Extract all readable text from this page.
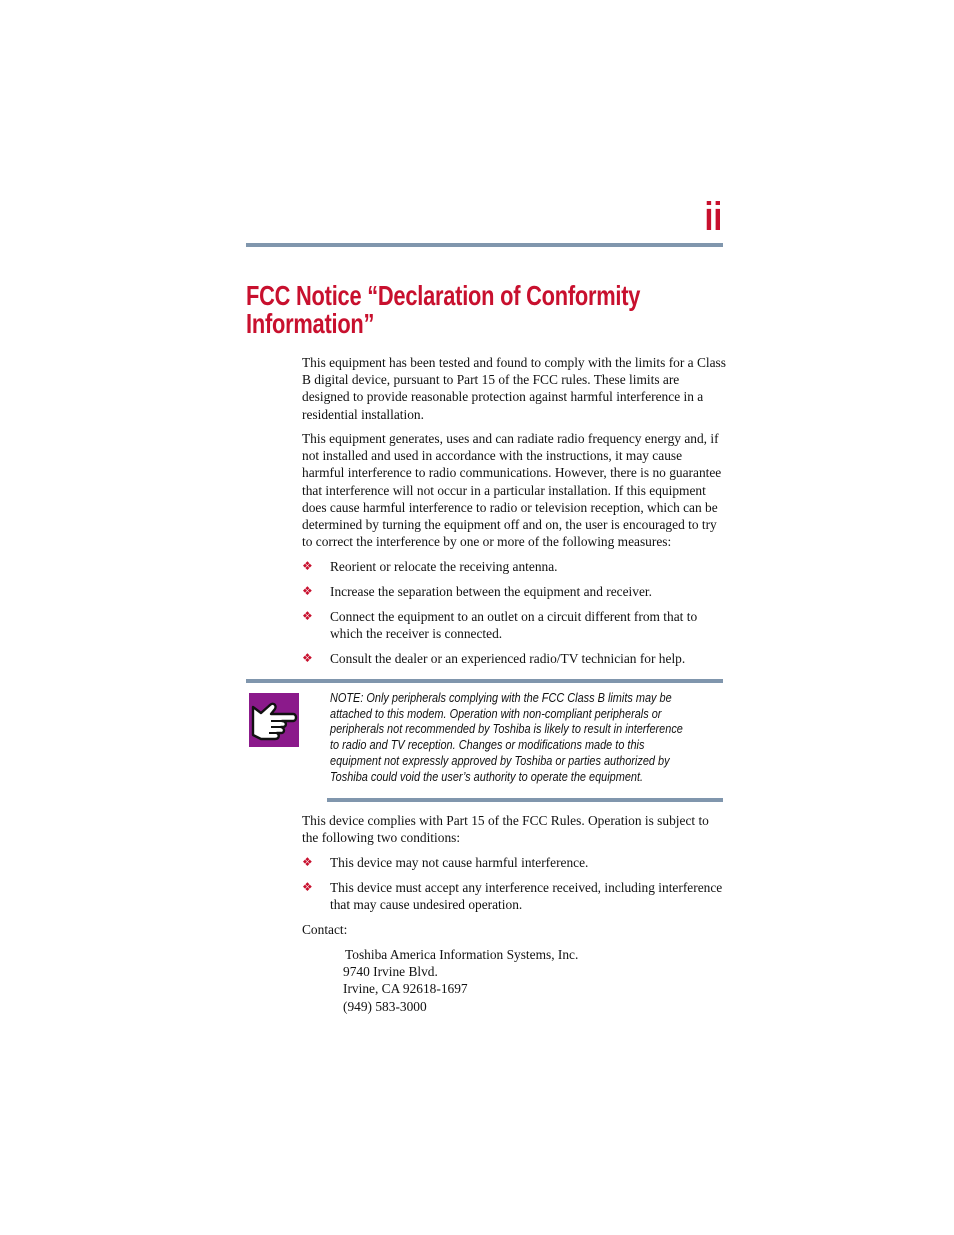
ii
FCC Notice “Declaration of Conformity Information”

This equipment has been tested and found to comply with the limits for a Class B digital device, pursuant to Part 15 of the FCC rules. These limits are designed to provide reasonable protection against harmful interference in a residential installation.

This equipment generates, uses and can radiate radio frequency energy and, if not installed and used in accordance with the instructions, it may cause harmful interference to radio communications. However, there is no guarantee that interference will not occur in a particular installation. If this equipment does cause harmful interference to radio or television reception, which can be determined by turning the equipment off and on, the user is encouraged to try to correct the interference by one or more of the following measures:

❖ Reorient or relocate the receiving antenna.
❖ Increase the separation between the equipment and receiver.
❖ Connect the equipment to an outlet on a circuit different from that to which the receiver is connected.
❖ Consult the dealer or an experienced radio/TV technician for help.

NOTE: Only peripherals complying with the FCC Class B limits may be attached to this modem. Operation with non-compliant peripherals or peripherals not recommended by Toshiba is likely to result in interference to radio and TV reception. Changes or modifications made to this equipment not expressly approved by Toshiba or parties authorized by Toshiba could void the user’s authority to operate the equipment.

This device complies with Part 15 of the FCC Rules. Operation is subject to the following two conditions:

❖ This device may not cause harmful interference.
❖ This device must accept any interference received, including interference that may cause undesired operation.

Contact:

Toshiba America Information Systems, Inc.
9740 Irvine Blvd.
Irvine, CA 92618-1697
(949) 583-3000
